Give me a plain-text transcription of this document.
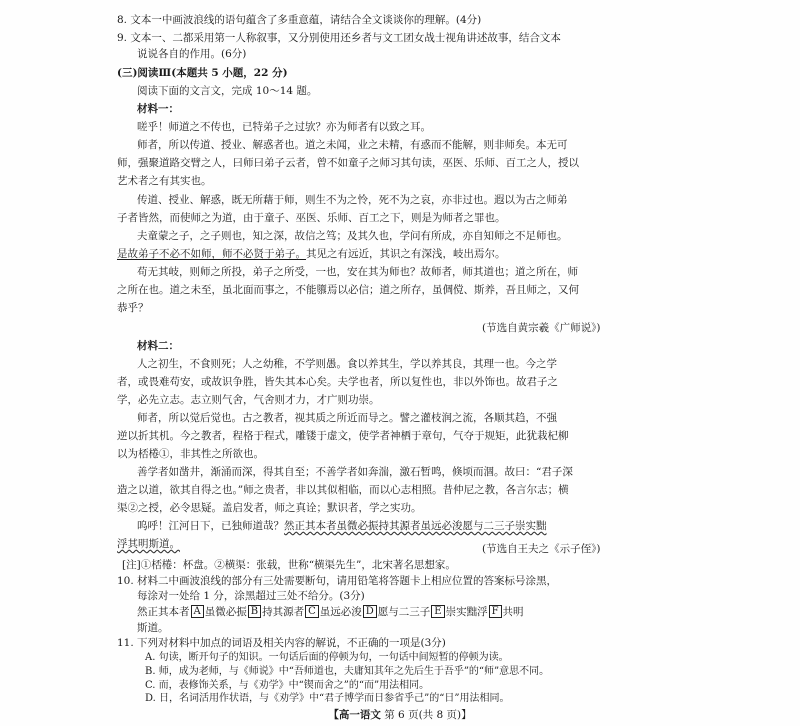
8. 文本一中画波浪线的语句蕴含了多重意蕴，请结合全文谈谈你的理解。(4分)
9. 文本一、二都采用第一人称叙事，又分别使用还乡者与文工团女战士视角讲述故事，结合文本
说说各自的作用。(6分)
(三)阅读Ⅲ(本题共 5 小题，22 分)
阅读下面的文言文，完成 10～14 题。
材料一：
嗟乎！师道之不传也，已特弟子之过欤？亦为师者有以致之耳。
师者，所以传道、授业、解惑者也。道之未闻，业之未精，有惑而不能解，则非师矣。本无可
师，强聚道路交臂之人，曰师曰弟子云者，曾不如童子之师习其句读，巫医、乐师、百工之人，授以
艺术者之有其实也。
传道、授业、解惑，既无所藉于师，则生不为之怜，死不为之哀，亦非过也。遐以为古之师弟
子者皆然，而使师之为道，由于童子、巫医、乐师、百工之下，则是为师者之罪也。
夫童蒙之子，之子则也，知之深，故信之笃；及其久也，学问有所成，亦自知师之不足师也。
是故弟子不必不如师，师不必贤于弟子。其见之有远近，其识之有深浅，岐出焉尔。
苟无其岐，则师之所投，弟子之所受，一也，安在其为师也？故师者，师其道也；道之所在，师
之所在也。道之未至，虽北面而事之，不能隳焉以必信；道之所存，虽倜傥、斯养，吾且师之，又何
恭乎？
(节选自黄宗羲《广师说》)
材料二：
人之初生，不食则死；人之幼稚，不学则愚。食以养其生，学以养其良，其理一也。今之学
者，或畏难苟安，或故识争胜，皆失其本心矣。夫学也者，所以复性也，非以外饰也。故君子之
学，必先立志。志立则气舍，气舍则才力，才广则功崇。
师者，所以觉后觉也。古之教者，视其质之所近而导之。譬之灌枝润之流，各顺其趋，不强
逆以折其机。今之教者，程格于程式，雕镂于虚文，使学者神栖于章句，气夺于规矩，此犹栽杞柳
以为桮棬①，非其性之所欲也。
善学者如凿井，渐涌而深，得其自至；不善学者如奔湍，激石暂鸣，倏顷而涸。故曰：“君子深
造之以道，欲其自得之也。”师之贵者，非以其似相临，而以心志相照。昔仲尼之教，各言尔志；横
渠②之授，必令思疑。盖启发者，师之真诠；默识者，学之实功。
呜呼！江河日下，已独师道哉？然正其本者虽微必振持其源者虽远必浚愿与二三子崇实黜
浮其明斯道。	(节选自王夫之《示子侄》)
[注]①桮棬：杯盘。②横渠：张载，世称“横渠先生”，北宋著名思想家。
10. 材料二中画波浪线的部分有三处需要断句，请用铅笔将答题卡上相应位置的答案标号涂黑，
每涂对一处给 1 分，涂黑超过三处不给分。(3分)
然正其本者 A 虽微必振 B 持其源者 C 虽远必浚 D 愿与二三子 E 崇实黜浮 F 共明
斯道。
11. 下列对材料中加点的词语及相关内容的解说，不正确的一项是(3分)
【高一语文 第 6 页(共 8 页)】
A. 句读，断开句子的知识。一句话后面的停顿为句，一句话中间短暂的停顿为读。
B. 师，成为老师，与《师说》中“吾师道也，夫庸知其年之先后生于吾乎”的“师”意思不同。
C. 而，表修饰关系，与《劝学》中“锲而舍之”的“而”用法相同。
D. 日，名词活用作状语，与《劝学》中“君子博学而日参省乎己”的“日”用法相同。
